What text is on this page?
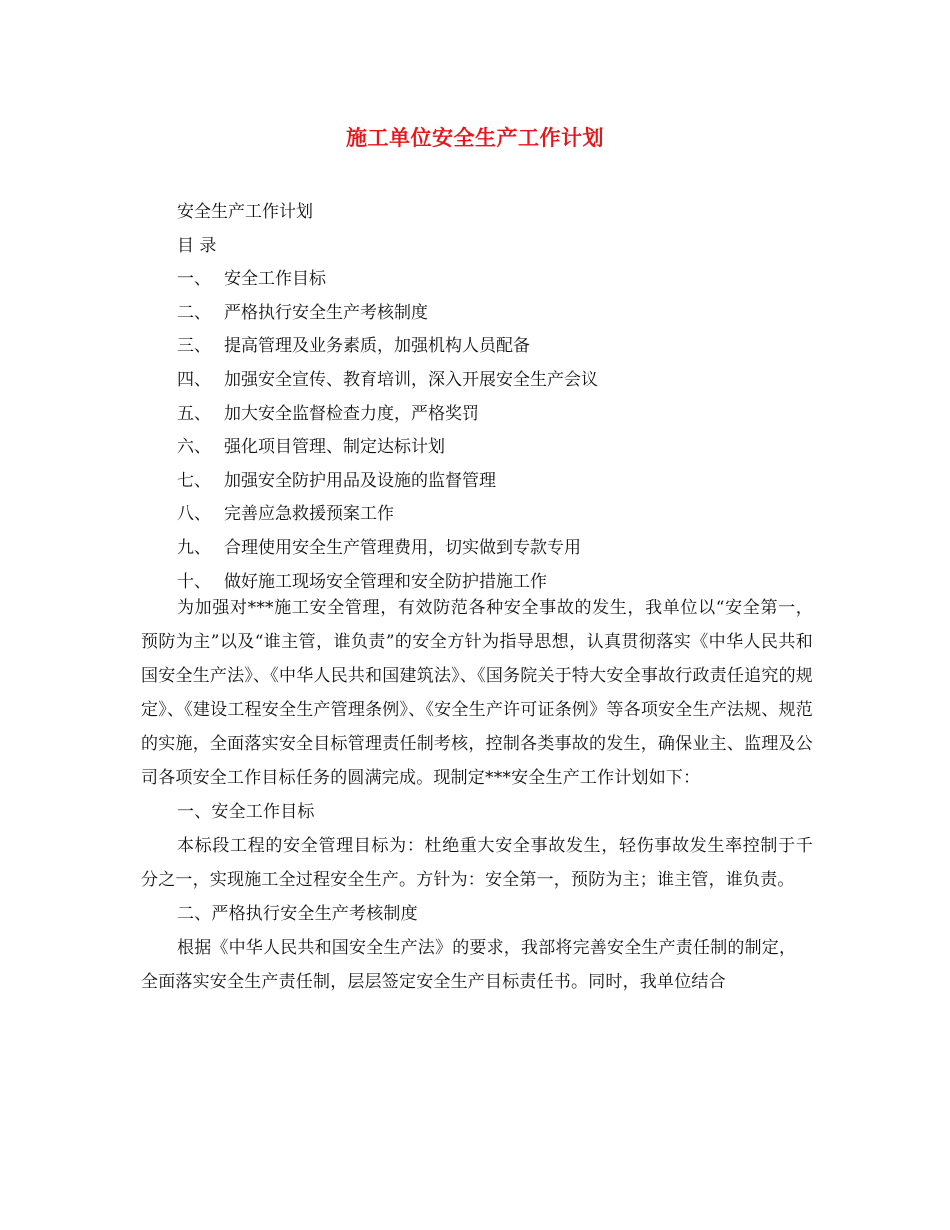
施工单位安全生产工作计划
安全生产工作计划
目 录
一、 安全工作目标
二、 严格执行安全生产考核制度
三、 提高管理及业务素质，加强机构人员配备
四、 加强安全宣传、教育培训，深入开展安全生产会议
五、 加大安全监督检查力度，严格奖罚
六、 强化项目管理、制定达标计划
七、 加强安全防护用品及设施的监督管理
八、 完善应急救援预案工作
九、 合理使用安全生产管理费用，切实做到专款专用
十、 做好施工现场安全管理和安全防护措施工作

为加强对***施工安全管理，有效防范各种安全事故的发生，我单位以“安全第一，预防为主”以及“谁主管，谁负责”的安全方针为指导思想，认真贯彻落实《中华人民共和国安全生产法》、《中华人民共和国建筑法》、《国务院关于特大安全事故行政责任追究的规定》、《建设工程安全生产管理条例》、《安全生产许可证条例》等各项安全生产法规、规范的实施，全面落实安全目标管理责任制考核，控制各类事故的发生，确保业主、监理及公司各项安全工作目标任务的圆满完成。现制定***安全生产工作计划如下：

一、安全工作目标

本标段工程的安全管理目标为：杜绝重大安全事故发生，轻伤事故发生率控制于千分之一，实现施工全过程安全生产。方针为：安全第一，预防为主；谁主管，谁负责。

二、严格执行安全生产考核制度

根据《中华人民共和国安全生产法》的要求，我部将完善安全生产责任制的制定，全面落实安全生产责任制，层层签定安全生产目标责任书。同时，我单位结合
